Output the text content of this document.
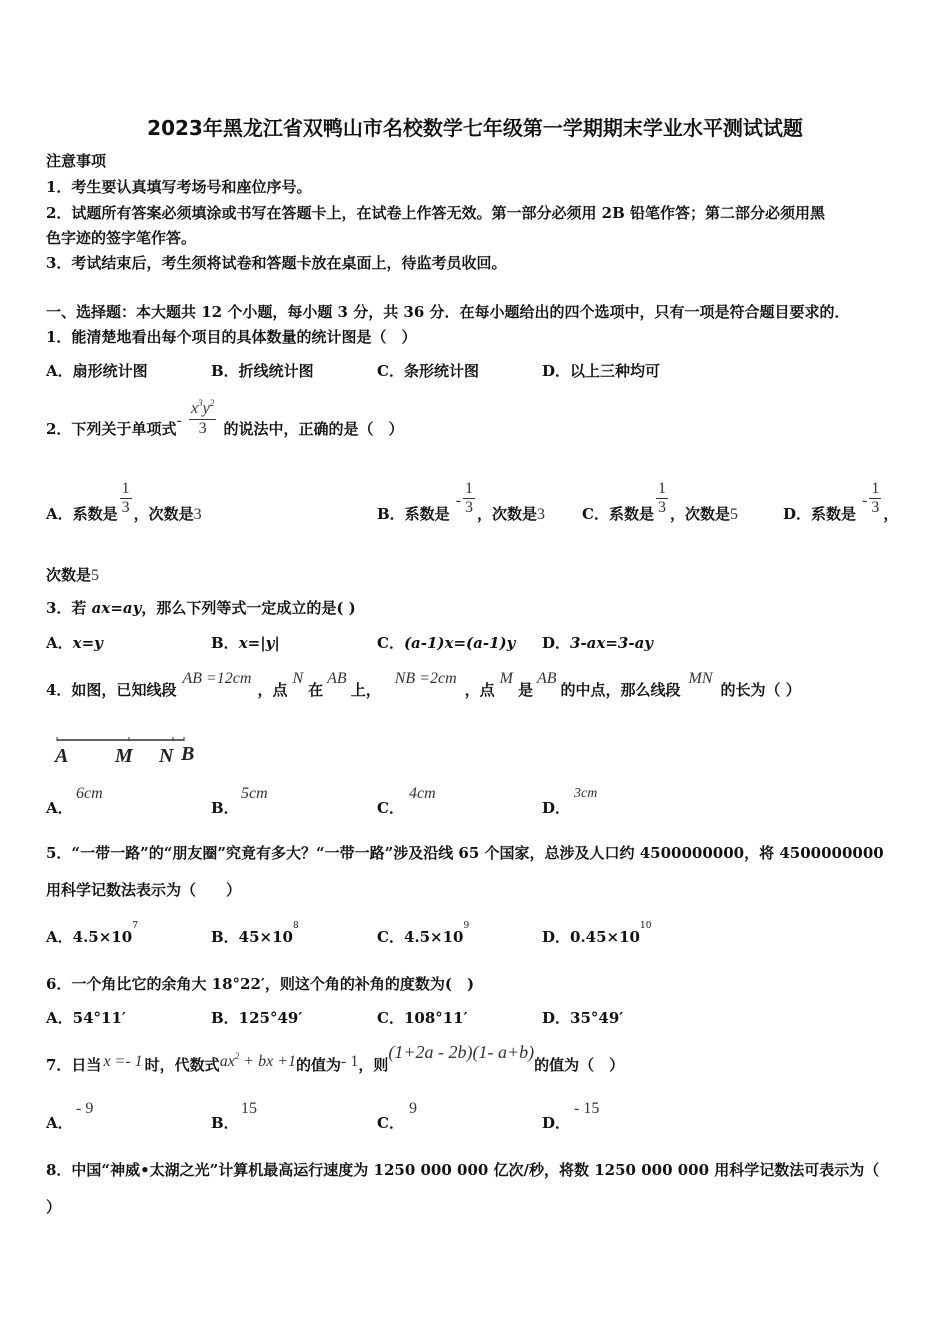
2023年黑龙江省双鸭山市名校数学七年级第一学期期末学业水平测试试题
注意事项
1．考生要认真填写考场号和座位序号。
2．试题所有答案必须填涂或书写在答题卡上，在试卷上作答无效。第一部分必须用 2B 铅笔作答；第二部分必须用黑
色字迹的签字笔作答。
3．考试结束后，考生须将试卷和答题卡放在桌面上，待监考员收回。
一、选择题：本大题共 12 个小题，每小题 3 分，共 36 分．在每小题给出的四个选项中，只有一项是符合题目要求的．
1．能清楚地看出每个项目的具体数量的统计图是（　）
A．扇形统计图	B．折线统计图	C．条形统计图	D．以上三种均可
2．下列关于单项式- $\frac{x^3y^2}{3}$ 的说法中，正确的是（　）
A．系数是 $\frac{1}{3}$ ，次数是3	B．系数是- $\frac{1}{3}$ ，次数是3 C．系数是 $\frac{1}{3}$ ，次数是5	D．系数是- $\frac{1}{3}$ ，
次数是5
3．若 ax=ay，那么下列等式一定成立的是( )
A．x=y	B．x=|y|	C．(a-1)x=(a-1)y D．3-ax=3-ay
4．如图，已知线段AB =12cm，点N在AB上，NB =2cm，点M是AB的中点，那么线段MN的长为（ ）
A M N B
A．
6cm
B．
5cm
C．
4cm
D．
3cm
5．“一带一路”的“朋友圈”究竟有多大？“一带一路”涉及沿线 65 个国家，总涉及人口约 4500000000，将 4500000000
用科学记数法表示为（　　）
A．$4.5\times 10^7$
B．$45\times 10^8$
C．$4.5\times 10^9$
D．$0.45\times 10^{10}$
6．一个角比它的余角大 18°22′，则这个角的补角的度数为(　)
A．54°11′	B．125°49′	C．108°11′	D．35°49′
7．日当 x =- 1 时，代数式$ax^2$ + bx +1的值为- 1，则(1+2a - 2b)(1- a+b)的值为（　）
A．
- 9
B．
15
C．
9
D．
- 15
8．中国“神威•太湖之光”计算机最高运行速度为 1250 000 000 亿次/秒，将数 1250 000 000 用科学记数法可表示为（
）
